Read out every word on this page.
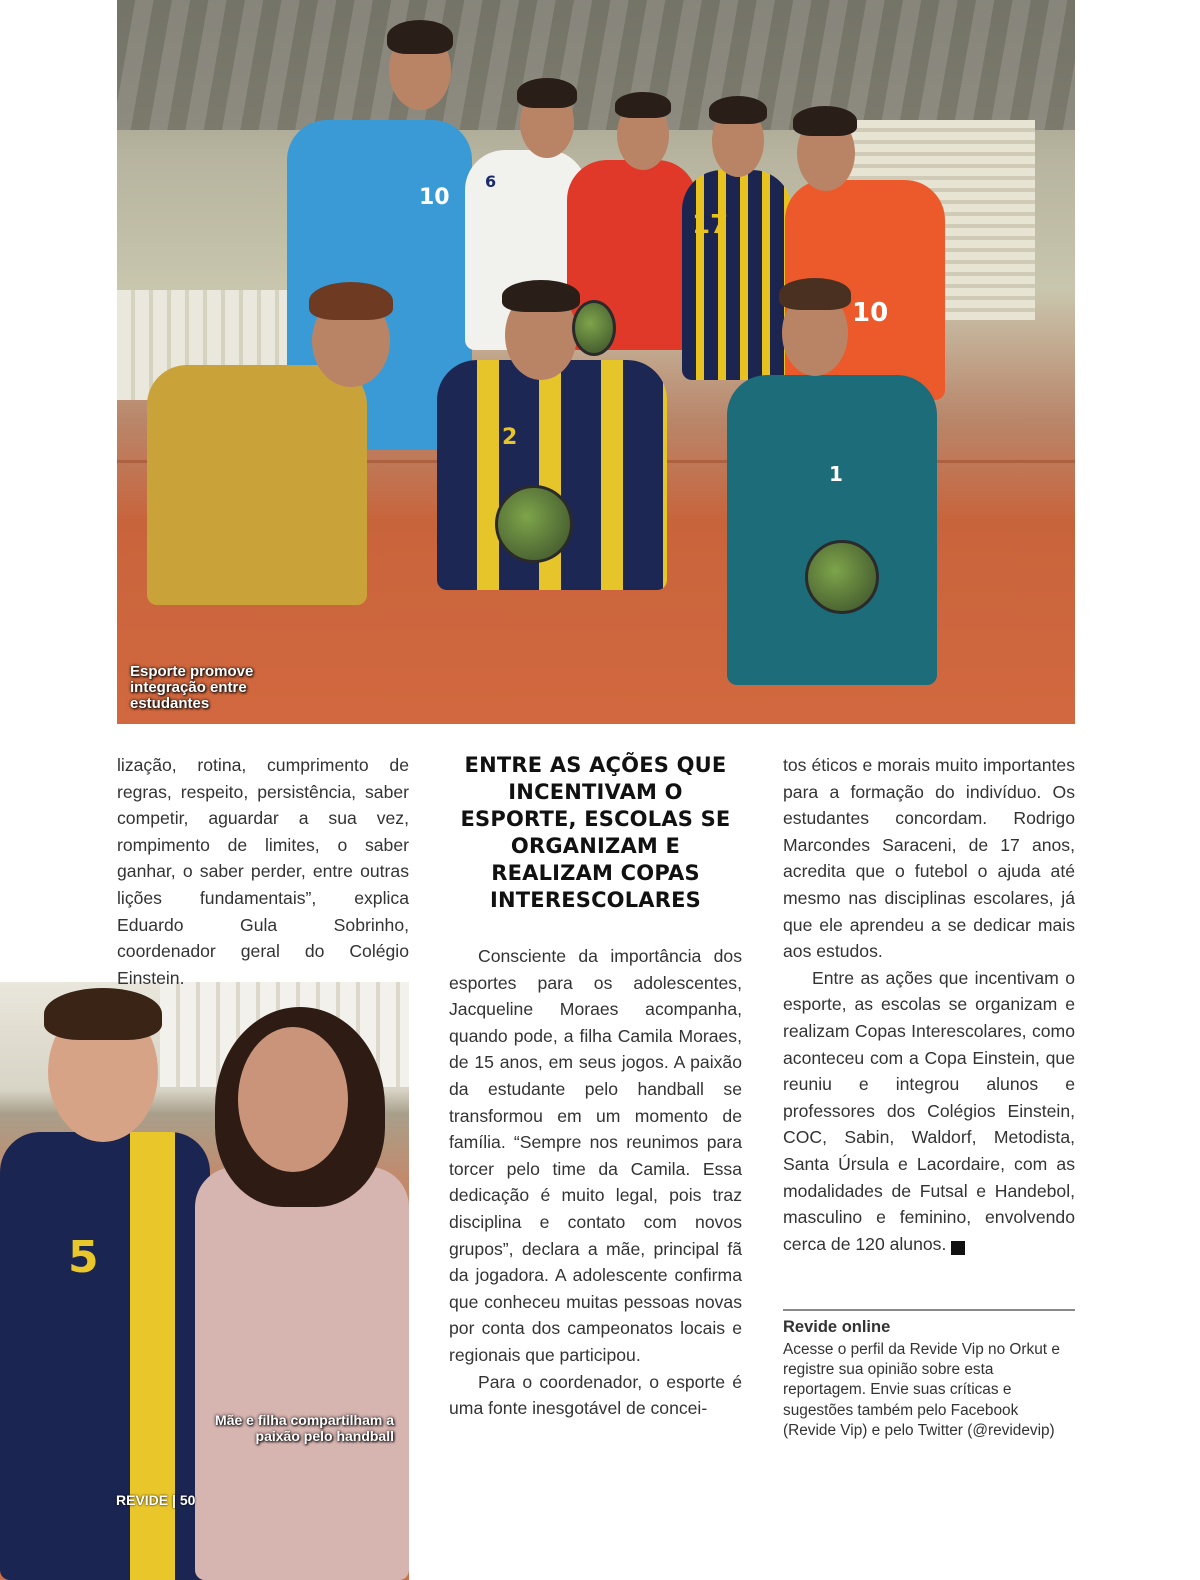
10
6
17
10
2
1
Esporte promove integração entre estudantes
5
Mãe e filha compartilham a paixão pelo handball
REVIDE | 50

lização, rotina, cumprimento de regras, respeito, persistência, saber competir, aguardar a sua vez, rompimento de limites, o saber ganhar, o saber perder, entre outras lições fundamentais”, explica Eduardo Gula Sobrinho, coordenador geral do Colégio Einstein.

ENTRE AS AÇÕES QUE INCENTIVAM O ESPORTE, ESCOLAS SE ORGANIZAM E REALIZAM COPAS INTERESCOLARES

Consciente da importância dos esportes para os adolescentes, Jacqueline Moraes acompanha, quando pode, a filha Camila Moraes, de 15 anos, em seus jogos. A paixão da estudante pelo handball se transformou em um momento de família. “Sempre nos reunimos para torcer pelo time da Camila. Essa dedicação é muito legal, pois traz disciplina e contato com novos grupos”, declara a mãe, principal fã da jogadora. A adolescente confirma que conheceu muitas pessoas novas por conta dos campeonatos locais e regionais que participou.

Para o coordenador, o esporte é uma fonte inesgotável de concei-

tos éticos e morais muito importantes para a formação do indivíduo. Os estudantes concordam. Rodrigo Marcondes Saraceni, de 17 anos, acredita que o futebol o ajuda até mesmo nas disciplinas escolares, já que ele aprendeu a se dedicar mais aos estudos.

Entre as ações que incentivam o esporte, as escolas se organizam e realizam Copas Interescolares, como aconteceu com a Copa Einstein, que reuniu e integrou alunos e professores dos Colégios Einstein, COC, Sabin, Waldorf, Metodista, Santa Úrsula e Lacordaire, com as modalidades de Futsal e Handebol, masculino e feminino, envolvendo cerca de 120 alunos.	r

Revide online
Acesse o perfil da Revide Vip no Orkut e registre sua opinião sobre esta reportagem. Envie suas críticas e sugestões também pelo Facebook (Revide Vip) e pelo Twitter (@revidevip)
